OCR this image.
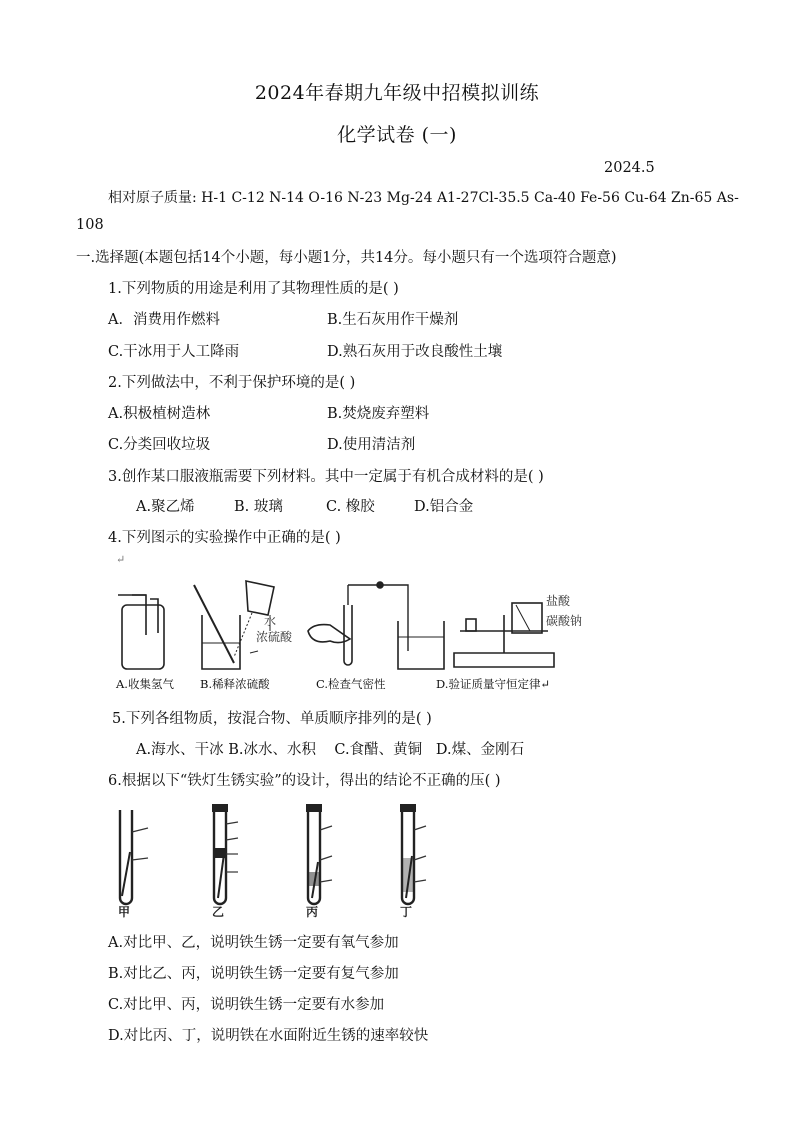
2024年春期九年级中招模拟训练
化学试卷 (一)
2024.5
相对原子质量: H-1 C-12 N-14 O-16 N-23 Mg-24 A1-27Cl-35.5 Ca-40 Fe-56 Cu-64 Zn-65 As-
108
一.选择题(本题包括14个小题，每小题1分，共14分。每小题只有一个选项符合题意)
1.下列物质的用途是利用了其物理性质的是( )
A．消费用作燃料	B.生石灰用作干燥剂
C.干冰用于人工降雨	D.熟石灰用于改良酸性土壤
2.下列做法中，不利于保护环境的是( )
A.积极植树造林	B.焚烧废弃塑料
C.分类回收垃圾	D.使用清洁剂
3.创作某口服液瓶需要下列材料。其中一定属于有机合成材料的是( )
A.聚乙烯	B. 玻璃	C. 橡胶	D.铝合金
4.下列图示的实验操作中正确的是( )
↵
水
浓硫酸
盐酸
碳酸钠
A.收集氢气 B.稀释浓硫酸	C.检查气密性	D.验证质量守恒定律↵
5.下列各组物质，按混合物、单质顺序排列的是( )
A.海水、干冰 B.冰水、水积    C.食醋、黄铜   D.煤、金刚石
6.根据以下“铁灯生锈实验”的设计，得出的结论不正确的压( )
甲	乙	丙	丁
A.对比甲、乙，说明铁生锈一定要有氧气参加
B.对比乙、丙，说明铁生锈一定要有复气参加
C.对比甲、丙，说明铁生锈一定要有水参加
D.对比丙、丁，说明铁在水面附近生锈的速率较快
